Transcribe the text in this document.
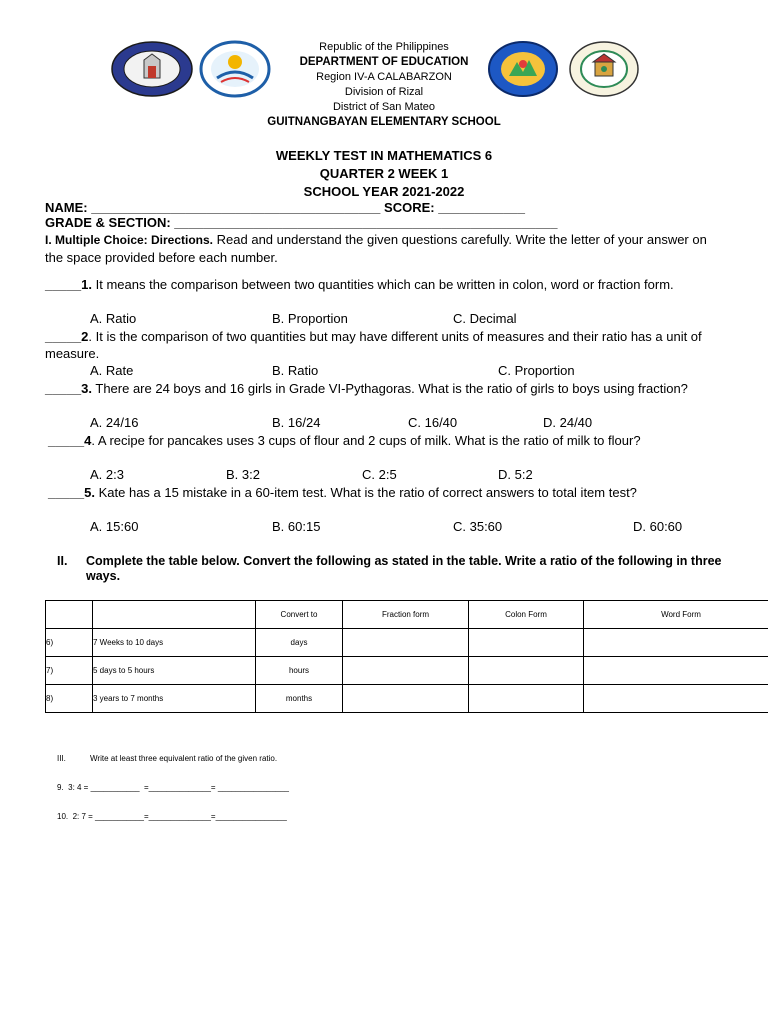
Republic of the Philippines
DEPARTMENT OF EDUCATION
Region IV-A CALABARZON
Division of Rizal
District of San Mateo
GUITNANGBAYAN ELEMENTARY SCHOOL
WEEKLY TEST IN MATHEMATICS 6
QUARTER 2 WEEK 1
SCHOOL YEAR 2021-2022
NAME: ________________________________________ SCORE: ____________
GRADE & SECTION: _____________________________________________________
I. Multiple Choice: Directions. Read and understand the given questions carefully. Write the letter of your answer on the space provided before each number.
_____1. It means the comparison between two quantities which can be written in colon, word or fraction form.
A. Ratio	B. Proportion	C. Decimal
_____2. It is the comparison of two quantities but may have different units of measures and their ratio has a unit of measure.
A. Rate	B. Ratio	C. Proportion
_____3. There are 24 boys and 16 girls in Grade VI-Pythagoras. What is the ratio of girls to boys using fraction?
A. 24/16	B. 16/24	C. 16/40	D. 24/40
_____4. A recipe for pancakes uses 3 cups of flour and 2 cups of milk. What is the ratio of milk to flour?
A. 2:3	B. 3:2	C. 2:5	D. 5:2
_____5. Kate has a 15 mistake in a 60-item test. What is the ratio of correct answers to total item test?
A. 15:60	B. 60:15	C. 35:60	D. 60:60
II. Complete the table below. Convert the following as stated in the table. Write a ratio of the following in three ways.
		Convert to	Fraction form	Colon Form	Word Form
6)	7 Weeks to 10 days	days			
7)	5 days to 5 hours	hours			
8)	3 years to 7 months	months			
III.	Write at least three equivalent ratio of the given ratio.
9.  3: 4 = ___________  =______________= ________________
10.  2: 7 = ___________=______________=________________
